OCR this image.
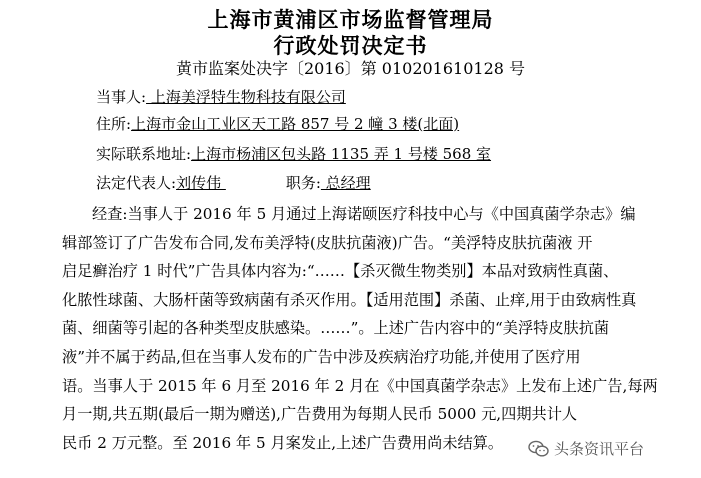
上海市黄浦区市场监督管理局
行政处罚决定书
黄市监案处决字〔2016〕第 010201610128 号
当事人: 上海美浮特生物科技有限公司
住所:上海市金山工业区天工路 857 号 2 幢 3 楼(北面)
实际联系地址:上海市杨浦区包头路 1135 弄 1 号楼 568 室
法定代表人:刘传伟	职务: 总经理
经查:当事人于 2016 年 5 月通过上海诺颐医疗科技中心与《中国真菌学杂志》编
辑部签订了广告发布合同,发布美浮特(皮肤抗菌液)广告。“美浮特皮肤抗菌液 开
启足癣治疗 1 时代”广告具体内容为:“……【杀灭微生物类别】本品对致病性真菌、
化脓性球菌、大肠杆菌等致病菌有杀灭作用。【适用范围】杀菌、止痒,用于由致病性真
菌、细菌等引起的各种类型皮肤感染。……”。上述广告内容中的“美浮特皮肤抗菌
液”并不属于药品,但在当事人发布的广告中涉及疾病治疗功能,并使用了医疗用
语。当事人于 2015 年 6 月至 2016 年 2 月在《中国真菌学杂志》上发布上述广告,每两
月一期,共五期(最后一期为赠送),广告费用为每期人民币 5000 元,四期共计人
民币 2 万元整。至 2016 年 5 月案发止,上述广告费用尚未结算。	头条资讯平台
